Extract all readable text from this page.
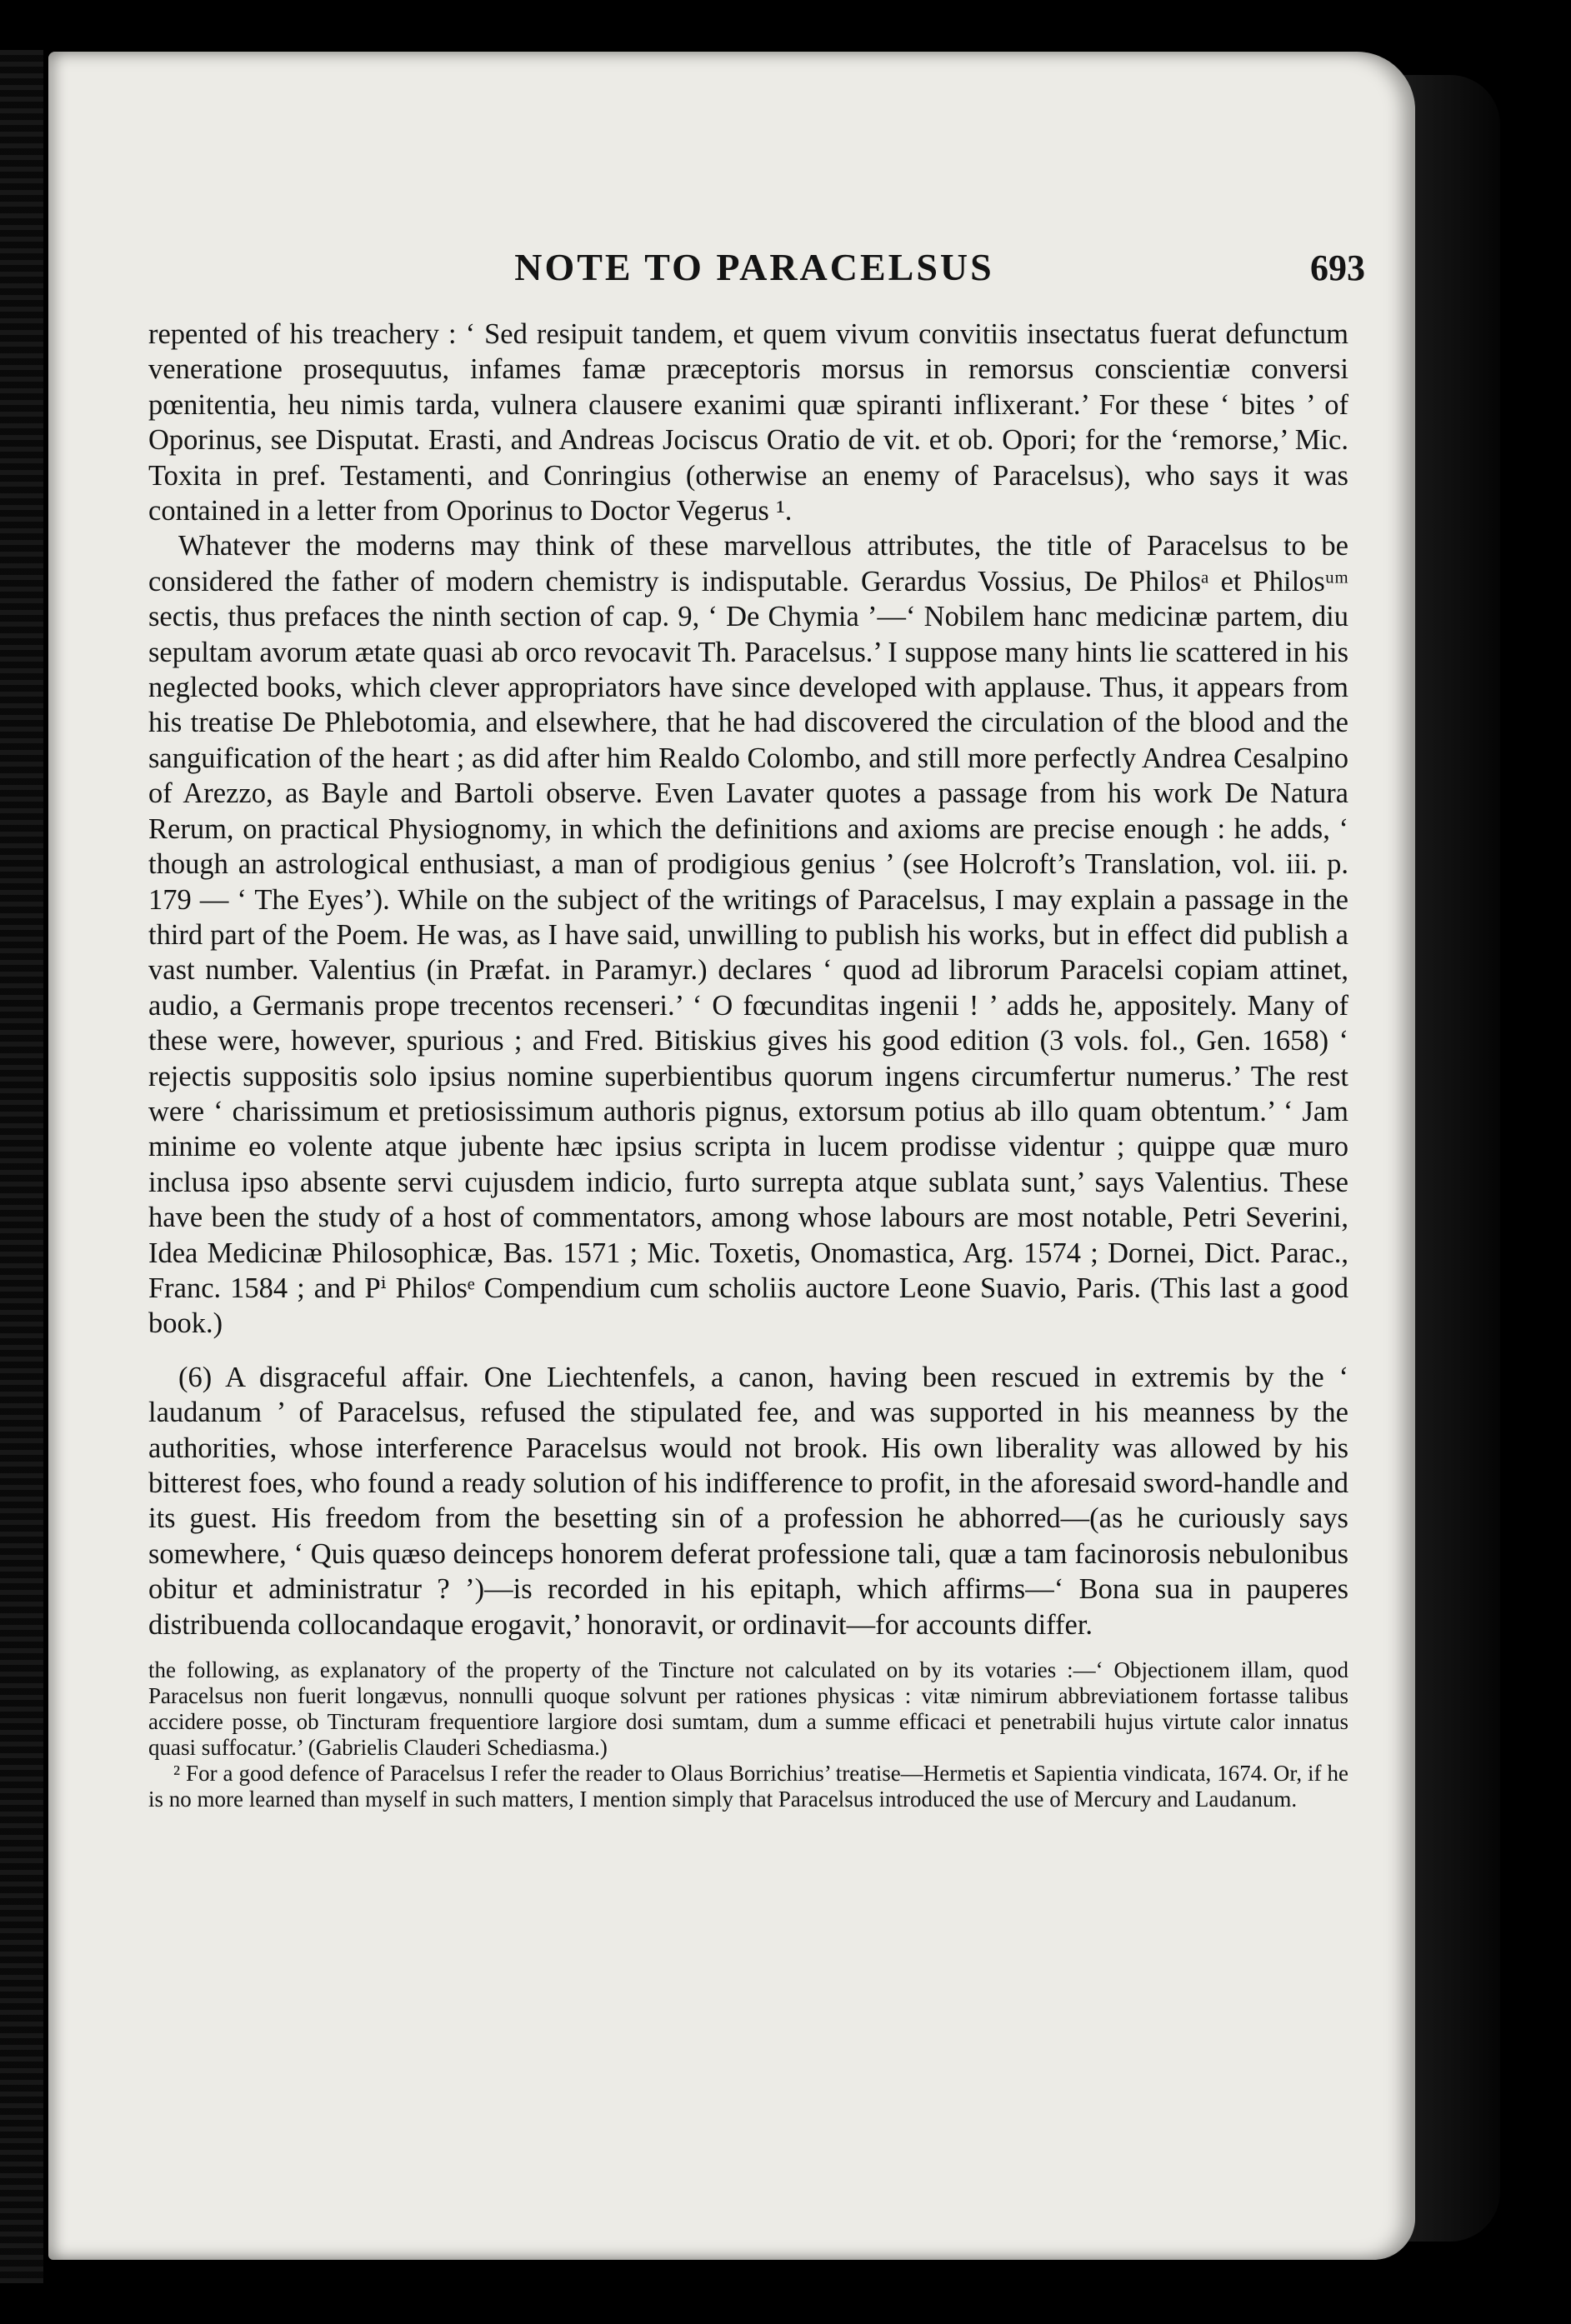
NOTE TO PARACELSUS	693

repented of his treachery : ‘ Sed resipuit tandem, et quem vivum convitiis insectatus fuerat defunctum veneratione prosequutus, infames famæ præceptoris morsus in remorsus conscientiæ conversi pœnitentia, heu nimis tarda, vulnera clausere exanimi quæ spiranti inflixerant.’ For these ‘ bites ’ of Oporinus, see Disputat. Erasti, and Andreas Jociscus Oratio de vit. et ob. Opori; for the ‘remorse,’ Mic. Toxita in pref. Testamenti, and Conringius (otherwise an enemy of Paracelsus), who says it was contained in a letter from Oporinus to Doctor Vegerus ¹.

Whatever the moderns may think of these marvellous attributes, the title of Paracelsus to be considered the father of modern chemistry is indisputable. Gerardus Vossius, De Philosᵃ et Philosᵘᵐ sectis, thus prefaces the ninth section of cap. 9, ‘ De Chymia ’—‘ Nobilem hanc medicinæ partem, diu sepultam avorum ætate quasi ab orco revocavit Th. Paracelsus.’ I suppose many hints lie scattered in his neglected books, which clever appropriators have since developed with applause. Thus, it appears from his treatise De Phlebotomia, and elsewhere, that he had discovered the circulation of the blood and the sanguification of the heart ; as did after him Realdo Colombo, and still more perfectly Andrea Cesalpino of Arezzo, as Bayle and Bartoli observe. Even Lavater quotes a passage from his work De Natura Rerum, on practical Physiognomy, in which the definitions and axioms are precise enough : he adds, ‘ though an astrological enthusiast, a man of prodigious genius ’ (see Holcroft’s Translation, vol. iii. p. 179 — ‘ The Eyes’). While on the subject of the writings of Paracelsus, I may explain a passage in the third part of the Poem. He was, as I have said, unwilling to publish his works, but in effect did publish a vast number. Valentius (in Præfat. in Paramyr.) declares ‘ quod ad librorum Paracelsi copiam attinet, audio, a Germanis prope trecentos recenseri.’ ‘ O fœcunditas ingenii ! ’ adds he, appositely. Many of these were, however, spurious ; and Fred. Bitiskius gives his good edition (3 vols. fol., Gen. 1658) ‘ rejectis suppositis solo ipsius nomine superbientibus quorum ingens circumfertur numerus.’ The rest were ‘ charissimum et pretiosissimum authoris pignus, extorsum potius ab illo quam obtentum.’ ‘ Jam minime eo volente atque jubente hæc ipsius scripta in lucem prodisse videntur ; quippe quæ muro inclusa ipso absente servi cujusdem indicio, furto surrepta atque sublata sunt,’ says Valentius. These have been the study of a host of commentators, among whose labours are most notable, Petri Severini, Idea Medicinæ Philosophicæ, Bas. 1571 ; Mic. Toxetis, Onomastica, Arg. 1574 ; Dornei, Dict. Parac., Franc. 1584 ; and Pⁱ Philosᵉ Compendium cum scholiis auctore Leone Suavio, Paris. (This last a good book.)

(6) A disgraceful affair. One Liechtenfels, a canon, having been rescued in extremis by the ‘ laudanum ’ of Paracelsus, refused the stipulated fee, and was supported in his meanness by the authorities, whose interference Paracelsus would not brook. His own liberality was allowed by his bitterest foes, who found a ready solution of his indifference to profit, in the aforesaid sword-handle and its guest. His freedom from the besetting sin of a profession he abhorred—(as he curiously says somewhere, ‘ Quis quæso deinceps honorem deferat professione tali, quæ a tam facinorosis nebulonibus obitur et administratur ? ’)—is recorded in his epitaph, which affirms—‘ Bona sua in pauperes distribuenda collocandaque erogavit,’ honoravit, or ordinavit—for accounts differ.

the following, as explanatory of the property of the Tincture not calculated on by its votaries :—‘ Objectionem illam, quod Paracelsus non fuerit longævus, nonnulli quoque solvunt per rationes physicas : vitæ nimirum abbreviationem fortasse talibus accidere posse, ob Tincturam frequentiore largiore dosi sumtam, dum a summe efficaci et penetrabili hujus virtute calor innatus quasi suffocatur.’ (Gabrielis Clauderi Schediasma.)

² For a good defence of Paracelsus I refer the reader to Olaus Borrichius’ treatise—Hermetis et Sapientia vindicata, 1674. Or, if he is no more learned than myself in such matters, I mention simply that Paracelsus introduced the use of Mercury and Laudanum.
